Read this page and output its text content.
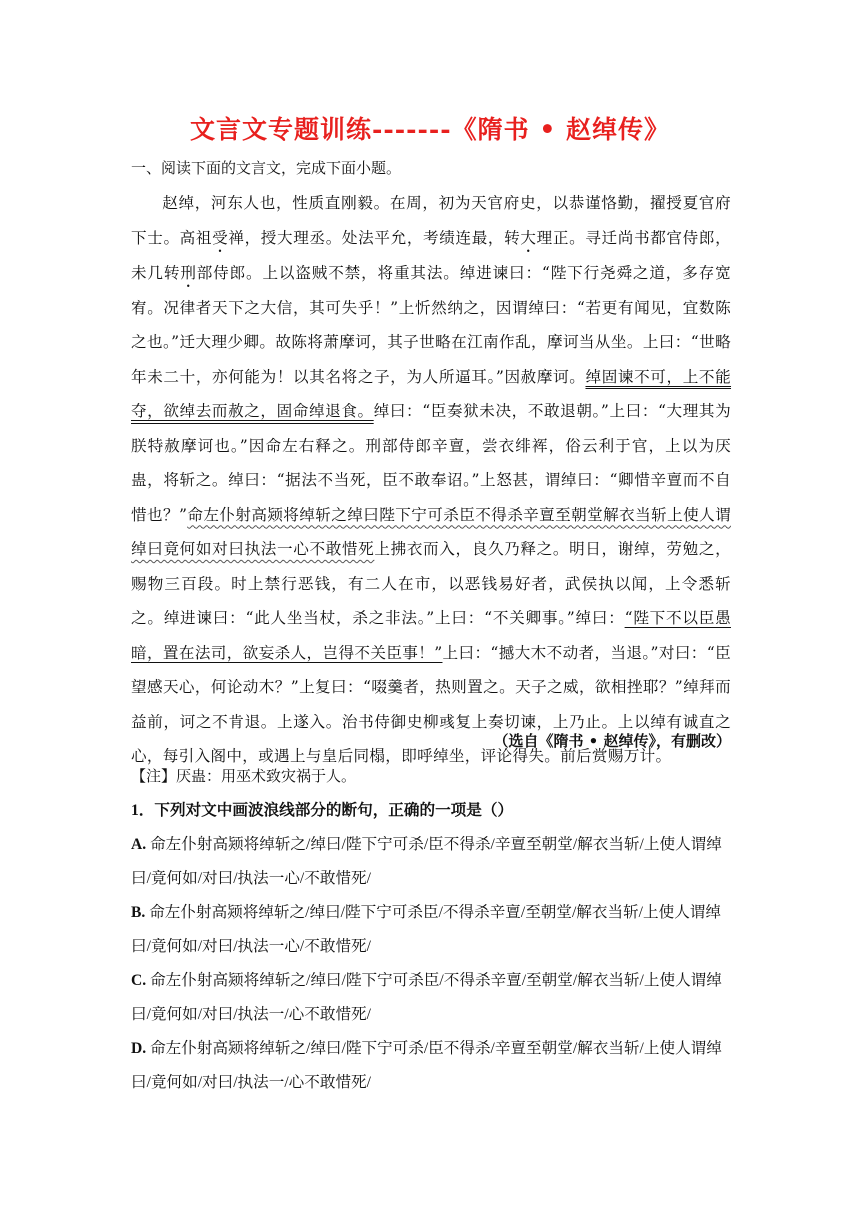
文言文专题训练-------《隋书 • 赵绰传》
一、阅读下面的文言文，完成下面小题。

赵绰，河东人也，性质直刚毅。在周，初为天官府史，以恭谨恪勤，擢授夏官府下士。高祖受禅，授大理丞。处法平允，考绩连最，转大理正。寻迁尚书都官侍郎，未几转刑部侍郎。上以盗贼不禁，将重其法。绰进谏曰：“陛下行尧舜之道，多存宽宥。况律者天下之大信，其可失乎！”上忻然纳之，因谓绰曰：“若更有闻见，宜数陈之也。”迁大理少卿。故陈将萧摩诃，其子世略在江南作乱，摩诃当从坐。上曰：“世略年未二十，亦何能为！以其名将之子，为人所逼耳。”因赦摩诃。绰固谏不可，上不能夺，欲绰去而赦之，固命绰退食。绰曰：“臣奏狱未决，不敢退朝。”上曰：“大理其为朕特赦摩诃也。”因命左右释之。刑部侍郎辛亶，尝衣绯裈，俗云利于官，上以为厌蛊，将斩之。绰曰：“据法不当死，臣不敢奉诏。”上怒甚，谓绰曰：“卿惜辛亶而不自惜也？”命左仆射高颎将绰斩之绰曰陛下宁可杀臣不得杀辛亶至朝堂解衣当斩上使人谓绰曰竟何如对曰执法一心不敢惜死上拂衣而入，良久乃释之。明日，谢绰，劳勉之，赐物三百段。时上禁行恶钱，有二人在市，以恶钱易好者，武侯执以闻，上令悉斩之。绰进谏曰：“此人坐当杖，杀之非法。”上曰：“不关卿事。”绰曰：“陛下不以臣愚暗，置在法司，欲妄杀人，岂得不关臣事！”上曰：“撼大木不动者，当退。”对曰：“臣望感天心，何论动木？”上复曰：“啜羹者，热则置之。天子之威，欲相挫耶？”绰拜而益前，诃之不肯退。上遂入。治书侍御史柳彧复上奏切谏，上乃止。上以绰有诚直之心，每引入阁中，或遇上与皇后同榻，即呼绰坐，评论得失。前后赏赐万计。

（选自《隋书 • 赵绰传》，有删改）
【注】厌蛊：用巫术致灾祸于人。
1．下列对文中画波浪线部分的断句，正确的一项是（）
A. 命左仆射高颎将绰斩之/绰曰/陛下宁可杀/臣不得杀/辛亶至朝堂/解衣当斩/上使人谓绰曰/竟何如/对曰/执法一心/不敢惜死/
B. 命左仆射高颎将绰斩之/绰曰/陛下宁可杀臣/不得杀辛亶/至朝堂/解衣当斩/上使人谓绰曰/竟何如/对曰/执法一心/不敢惜死/
C. 命左仆射高颎将绰斩之/绰曰/陛下宁可杀臣/不得杀辛亶/至朝堂/解衣当斩/上使人谓绰曰/竟何如/对曰/执法一/心不敢惜死/
D. 命左仆射高颎将绰斩之/绰曰/陛下宁可杀/臣不得杀/辛亶至朝堂/解衣当斩/上使人谓绰曰/竟何如/对曰/执法一/心不敢惜死/
